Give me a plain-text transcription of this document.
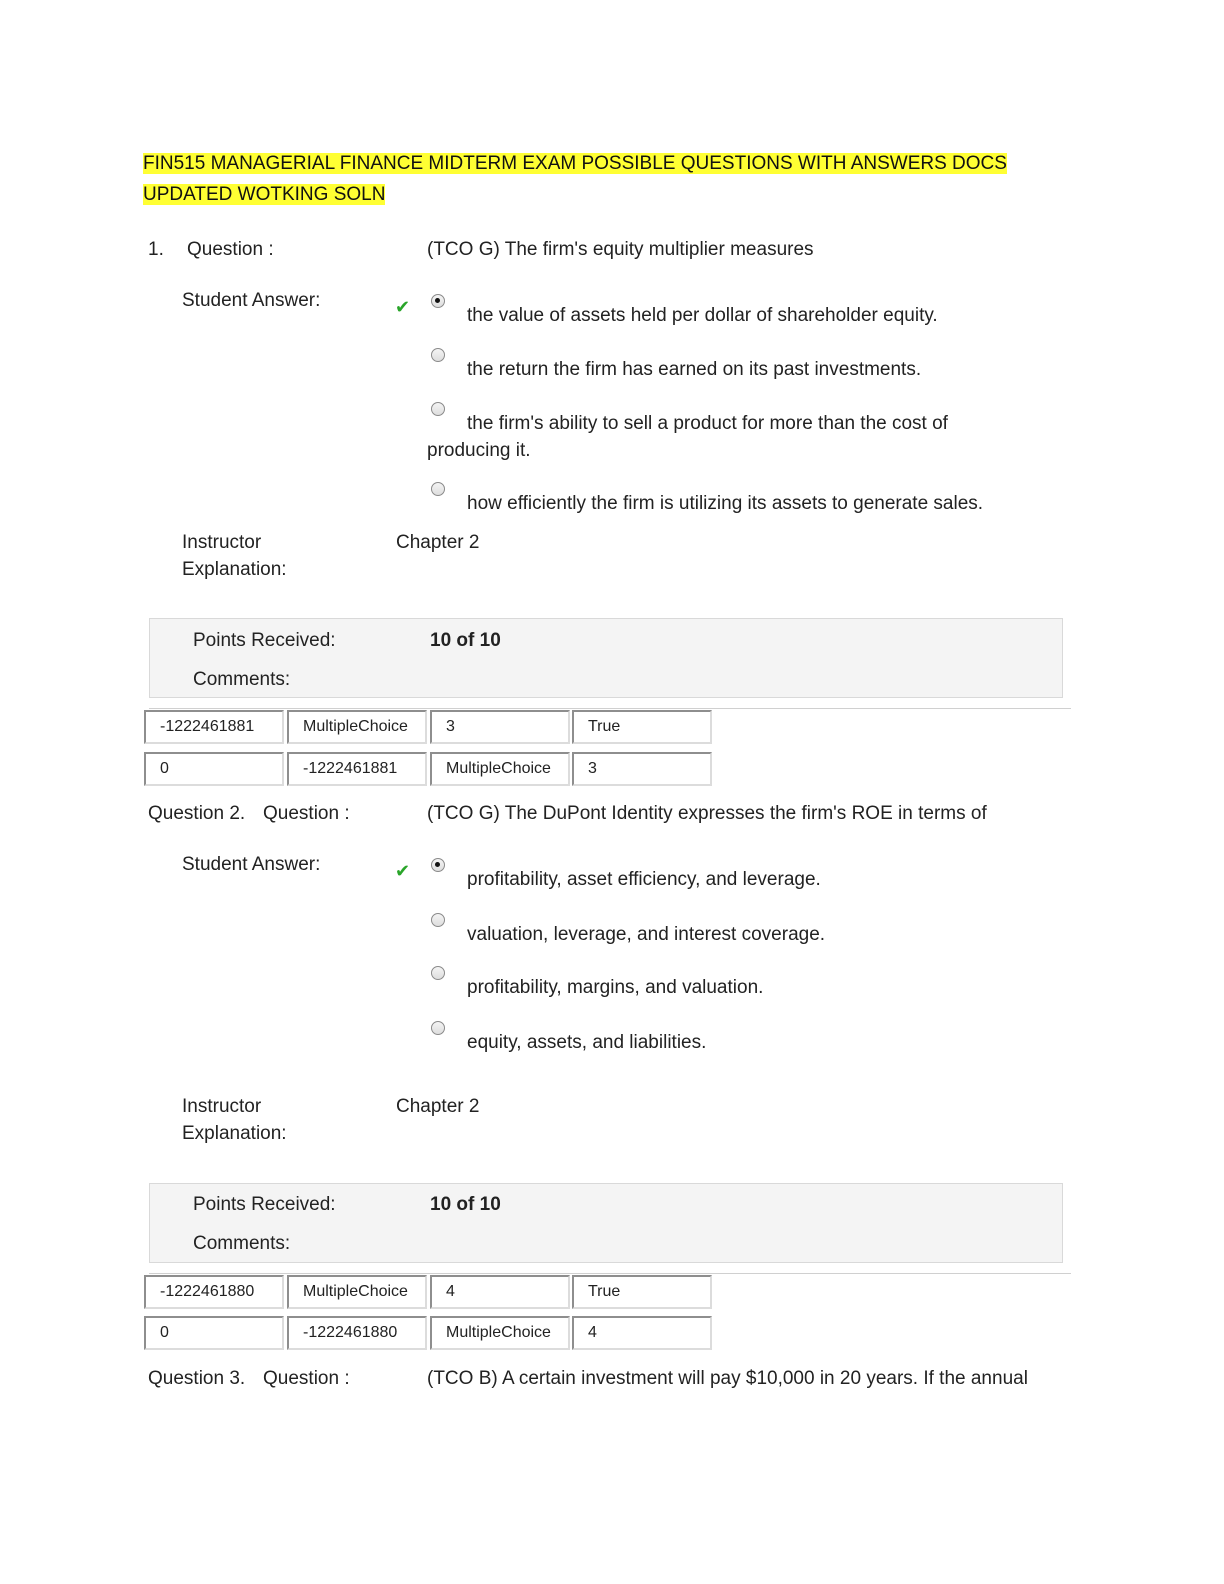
FIN515 MANAGERIAL FINANCE MIDTERM EXAM POSSIBLE QUESTIONS WITH ANSWERS DOCS UPDATED WOTKING SOLN
1. Question :	(TCO G) The firm's equity multiplier measures
Student Answer:	✔	the value of assets held per dollar of shareholder equity.
the return the firm has earned on its past investments.
the firm's ability to sell a product for more than the cost of
producing it.
how efficiently the firm is utilizing its assets to generate sales.
Instructor
Explanation:
Chapter 2
Points Received:	10 of 10
Comments:
-1222461881	MultipleChoice	3	True
0	-1222461881	MultipleChoice	3
Question 2. Question :	(TCO G) The DuPont Identity expresses the firm's ROE in terms of
Student Answer:	✔	profitability, asset efficiency, and leverage.
valuation, leverage, and interest coverage.
profitability, margins, and valuation.
equity, assets, and liabilities.
Instructor
Explanation:
Chapter 2
Points Received:	10 of 10
Comments:
-1222461880	MultipleChoice	4	True
0	-1222461880	MultipleChoice	4
Question 3. Question :	(TCO B) A certain investment will pay $10,000 in 20 years. If the annual
